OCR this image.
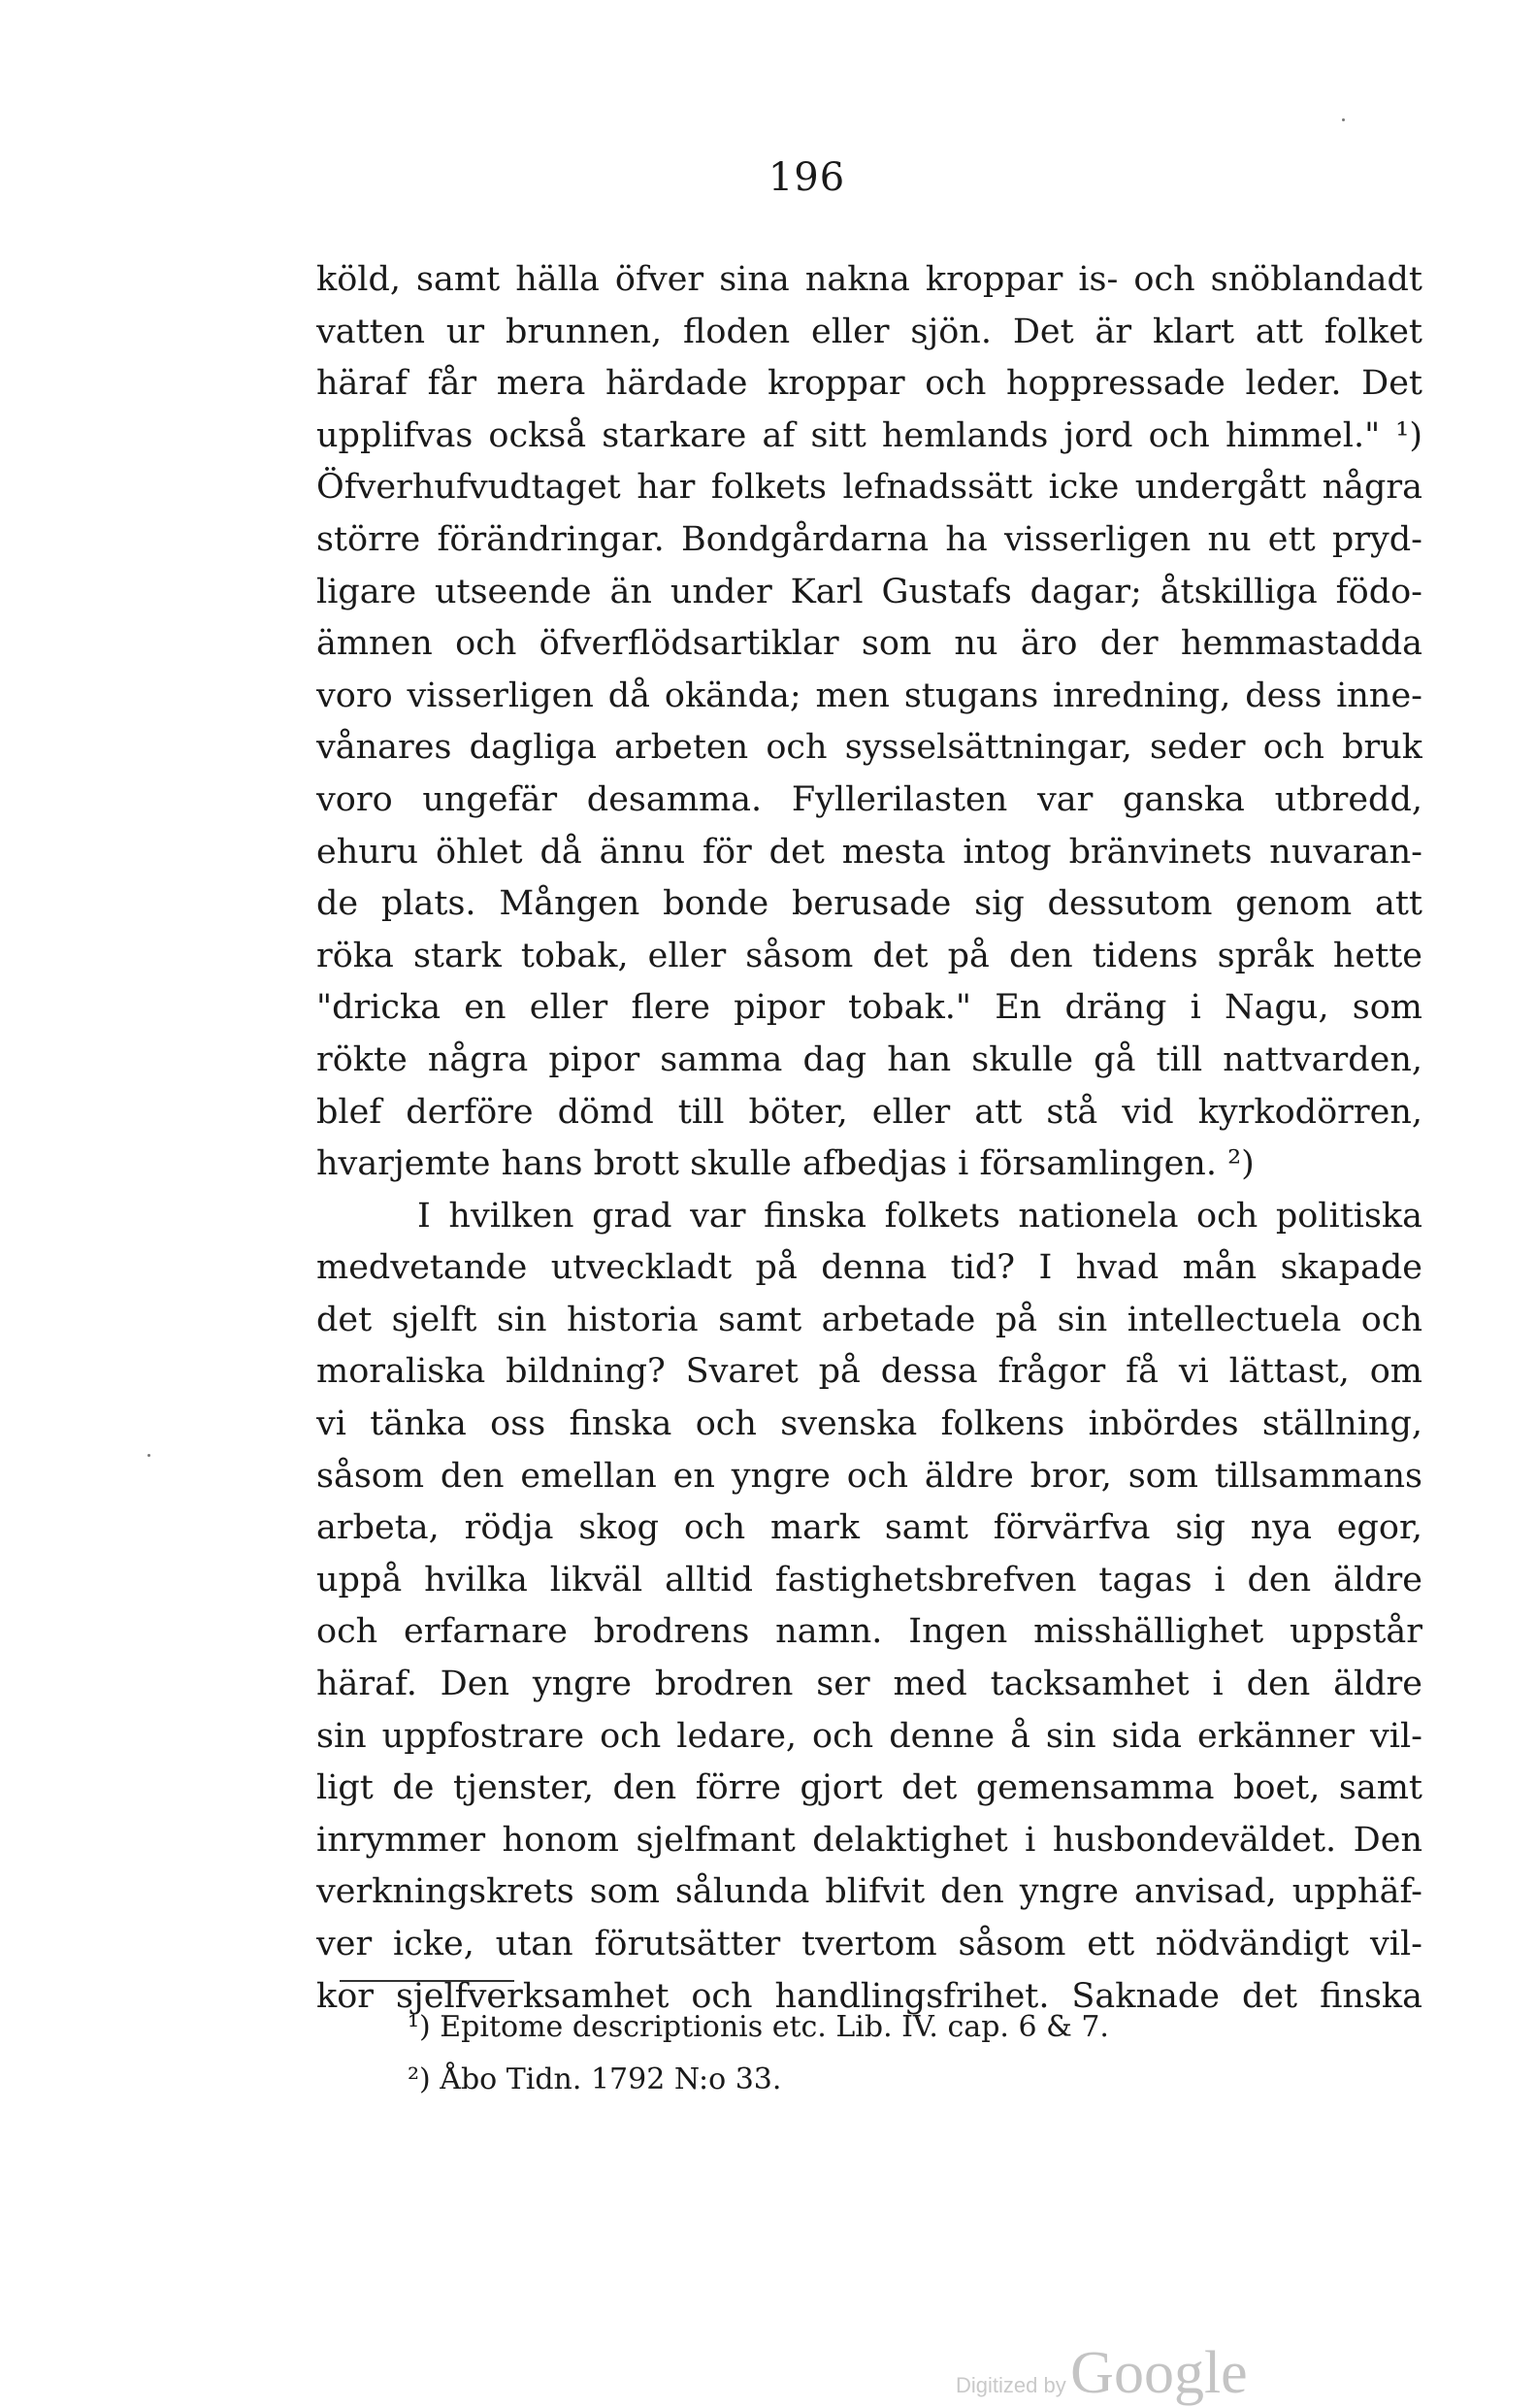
196
köld, samt hälla öfver sina nakna kroppar is- och snöblandadt
vatten ur brunnen, floden eller sjön. Det är klart att folket
häraf får mera härdade kroppar och hoppressade leder. Det
upplifvas också starkare af sitt hemlands jord och himmel." ¹)
Öfverhufvudtaget har folkets lefnadssätt icke undergått några
större förändringar. Bondgårdarna ha visserligen nu ett pryd-
ligare utseende än under Karl Gustafs dagar; åtskilliga födo-
ämnen och öfverflödsartiklar som nu äro der hemmastadda
voro visserligen då okända; men stugans inredning, dess inne-
vånares dagliga arbeten och sysselsättningar, seder och bruk
voro ungefär desamma. Fyllerilasten var ganska utbredd,
ehuru öhlet då ännu för det mesta intog bränvinets nuvaran-
de plats. Mången bonde berusade sig dessutom genom att
röka stark tobak, eller såsom det på den tidens språk hette
"dricka en eller flere pipor tobak." En dräng i Nagu, som
rökte några pipor samma dag han skulle gå till nattvarden,
blef derföre dömd till böter, eller att stå vid kyrkodörren,
hvarjemte hans brott skulle afbedjas i församlingen. ²)
I hvilken grad var finska folkets nationela och politiska
medvetande utveckladt på denna tid? I hvad mån skapade
det sjelft sin historia samt arbetade på sin intellectuela och
moraliska bildning? Svaret på dessa frågor få vi lättast, om
vi tänka oss finska och svenska folkens inbördes ställning,
såsom den emellan en yngre och äldre bror, som tillsammans
arbeta, rödja skog och mark samt förvärfva sig nya egor,
uppå hvilka likväl alltid fastighetsbrefven tagas i den äldre
och erfarnare brodrens namn. Ingen misshällighet uppstår
häraf. Den yngre brodren ser med tacksamhet i den äldre
sin uppfostrare och ledare, och denne å sin sida erkänner vil-
ligt de tjenster, den förre gjort det gemensamma boet, samt
inrymmer honom sjelfmant delaktighet i husbondeväldet. Den
verkningskrets som sålunda blifvit den yngre anvisad, upphäf-
ver icke, utan förutsätter tvertom såsom ett nödvändigt vil-
kor sjelfverksamhet och handlingsfrihet. Saknade det finska
¹) Epitome descriptionis etc. Lib. IV. cap. 6 & 7.
²) Åbo Tidn. 1792 N:o 33.
Digitized by Google
